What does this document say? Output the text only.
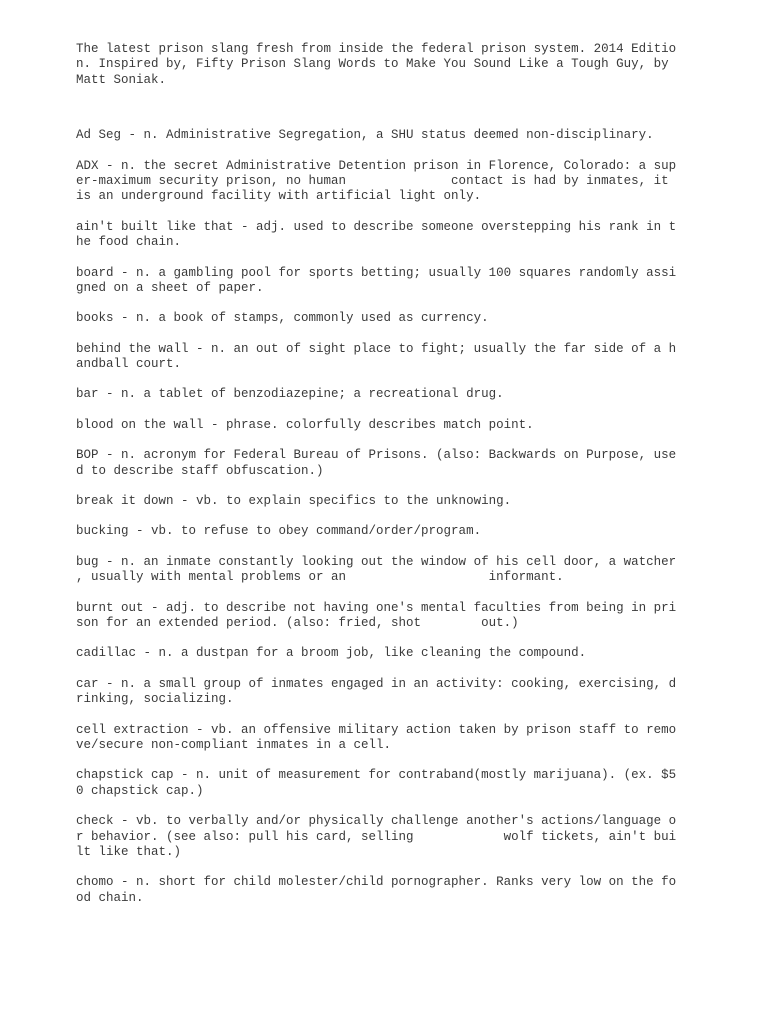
The latest prison slang fresh from inside the federal prison system. 2014 Editio
n. Inspired by, Fifty Prison Slang Words to Make You Sound Like a Tough Guy, by
Matt Soniak.
Ad Seg - n. Administrative Segregation, a SHU status deemed non-disciplinary.
ADX - n. the secret Administrative Detention prison in Florence, Colorado: a sup
er-maximum security prison, no human              contact is had by inmates, it
is an underground facility with artificial light only.
ain't built like that - adj. used to describe someone overstepping his rank in t
he food chain.
board - n. a gambling pool for sports betting; usually 100 squares randomly assi
gned on a sheet of paper.
books - n. a book of stamps, commonly used as currency.
behind the wall - n. an out of sight place to fight; usually the far side of a h
andball court.
bar - n. a tablet of benzodiazepine; a recreational drug.
blood on the wall - phrase. colorfully describes match point.
BOP - n. acronym for Federal Bureau of Prisons. (also: Backwards on Purpose, use
d to describe staff obfuscation.)
break it down - vb. to explain specifics to the unknowing.
bucking - vb. to refuse to obey command/order/program.
bug - n. an inmate constantly looking out the window of his cell door, a watcher
, usually with mental problems or an                   informant.
burnt out - adj. to describe not having one's mental faculties from being in pri
son for an extended period. (also: fried, shot        out.)
cadillac - n. a dustpan for a broom job, like cleaning the compound.
car - n. a small group of inmates engaged in an activity: cooking, exercising, d
rinking, socializing.
cell extraction - vb. an offensive military action taken by prison staff to remo
ve/secure non-compliant inmates in a cell.
chapstick cap - n. unit of measurement for contraband(mostly marijuana). (ex. $5
0 chapstick cap.)
check - vb. to verbally and/or physically challenge another's actions/language o
r behavior. (see also: pull his card, selling            wolf tickets, ain't bui
lt like that.)
chomo - n. short for child molester/child pornographer. Ranks very low on the fo
od chain.
